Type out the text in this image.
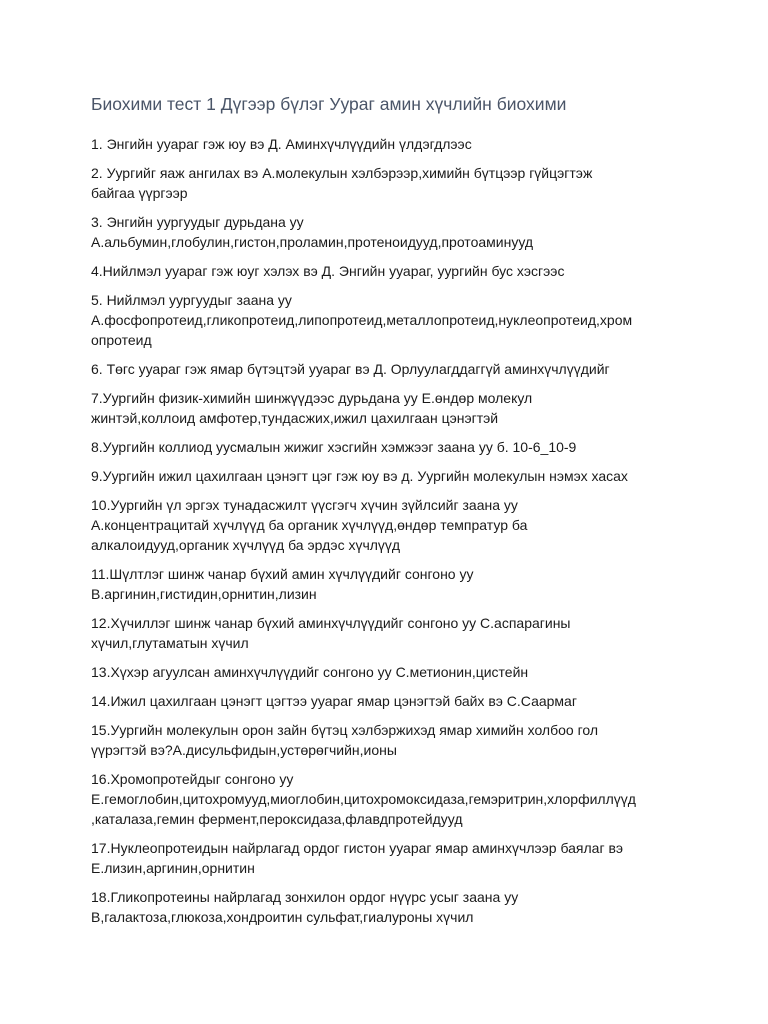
Биохими тест 1 Дүгээр бүлэг Уураг амин хүчлийн биохими

1. Энгийн ууараг гэж юу вэ Д. Аминхүчлүүдийн үлдэгдлээс

2. Уургийг яаж ангилах вэ А.молекулын хэлбэрээр,химийн бүтцээр гүйцэгтэж
байгаа үүргээр

3. Энгийн уургуудыг дурьдана уу
А.альбумин,глобулин,гистон,проламин,протеноидууд,протоаминууд

4.Нийлмэл ууараг гэж юуг хэлэх вэ Д. Энгийн ууараг, уургийн бус хэсгээс

5. Нийлмэл уургуудыг заана уу
А.фосфопротеид,гликопротеид,липопротеид,металлопротеид,нуклеопротеид,хром
опротеид

6. Төгс ууараг гэж ямар бүтэцтэй ууараг вэ Д. Орлуулагддаггүй аминхүчлүүдийг

7.Уургийн физик-химийн шинжүүдээс дурьдана уу Е.өндөр молекул
жинтэй,коллоид амфотер,тундасжих,ижил цахилгаан цэнэгтэй

8.Уургийн коллиод уусмалын жижиг хэсгийн хэмжээг заана уу б. 10-6_10-9

9.Уургийн ижил цахилгаан цэнэгт цэг гэж юу вэ д. Уургийн молекулын нэмэх хасах

10.Уургийн үл эргэх тунадасжилт үүсгэгч хүчин зүйлсийг заана уу
А.концентрацитай хүчлүүд ба органик хүчлүүд,өндөр темпратур ба
алкалоидууд,органик хүчлүүд ба эрдэс хүчлүүд

11.Шүлтлэг шинж чанар бүхий амин хүчлүүдийг сонгоно уу
В.аргинин,гистидин,орнитин,лизин

12.Хүчиллэг шинж чанар бүхий аминхүчлүүдийг сонгоно уу С.аспарагины
хүчил,глутаматын хүчил

13.Хүхэр агуулсан аминхүчлүүдийг сонгоно уу С.метионин,цистейн

14.Ижил цахилгаан цэнэгт цэгтээ ууараг ямар цэнэгтэй байх вэ С.Саармаг

15.Уургийн молекулын орон зайн бүтэц хэлбэржихэд ямар химийн холбоо гол
үүрэгтэй вэ?А.дисульфидын,устөрөгчийн,ионы

16.Хромопротейдыг сонгоно уу
Е.гемоглобин,цитохромууд,миоглобин,цитохромоксидаза,гемэритрин,хлорфиллүүд
,каталаза,гемин фермент,пероксидаза,флавдпротейдууд

17.Нуклеопротеидын найрлагад ордог гистон ууараг ямар аминхүчлээр баялаг вэ
Е.лизин,аргинин,орнитин

18.Гликопротеины найрлагад зонхилон ордог нүүрс усыг заана уу
В,галактоза,глюкоза,хондроитин сульфат,гиалуроны хүчил
